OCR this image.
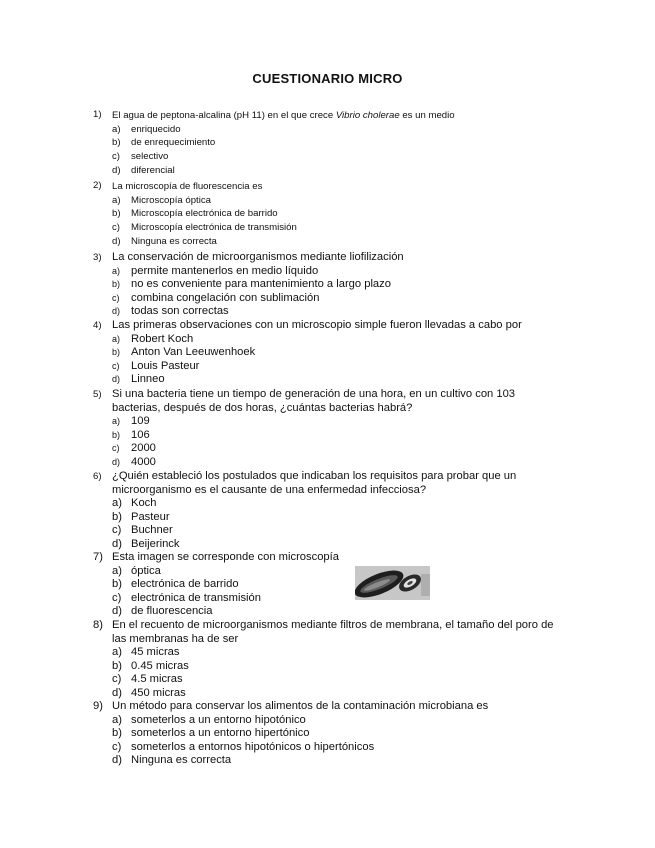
CUESTIONARIO MICRO
1)	El agua de peptona-alcalina (pH 11) en el que crece Vibrio cholerae es un medio
a) enriquecido
b) de enrequecimiento
c) selectivo
d) diferencial
2)	La microscopía de fluorescencia es
a) Microscopía óptica
b) Microscopía electrónica de barrido
c) Microscopía electrónica de transmisión
d) Ninguna es correcta
3) La conservación de microorganismos mediante liofilización
a) permite mantenerlos en medio líquido
b) no es conveniente para mantenimiento a largo plazo
c) combina congelación con sublimación
d) todas son correctas
4) Las primeras observaciones con un microscopio simple fueron llevadas a cabo por
a) Robert Koch
b) Anton Van Leeuwenhoek
c) Louis Pasteur
d) Linneo
5) Si una bacteria tiene un tiempo de generación de una hora, en un cultivo con 103 bacterias, después de dos horas, ¿cuántas bacterias habrá?
a) 109
b) 106
c) 2000
d) 4000
6) ¿Quién estableció los postulados que indicaban los requisitos para probar que un microorganismo es el causante de una enfermedad infecciosa?
a) Koch
b) Pasteur
c) Buchner
d) Beijerinck
7) Esta imagen se corresponde con microscopía
a) óptica
b) electrónica de barrido
c) electrónica de transmisión
d) de fluorescencia
8) En el recuento de microorganismos mediante filtros de membrana, el tamaño del poro de las membranas ha de ser
a) 45 micras
b) 0.45 micras
c) 4.5 micras
d) 450 micras
9) Un método para conservar los alimentos de la contaminación microbiana es
a) someterlos a un entorno hipotónico
b) someterlos a un entorno hipertónico
c) someterlos a entornos hipotónicos o hipertónicos
d) Ninguna es correcta
